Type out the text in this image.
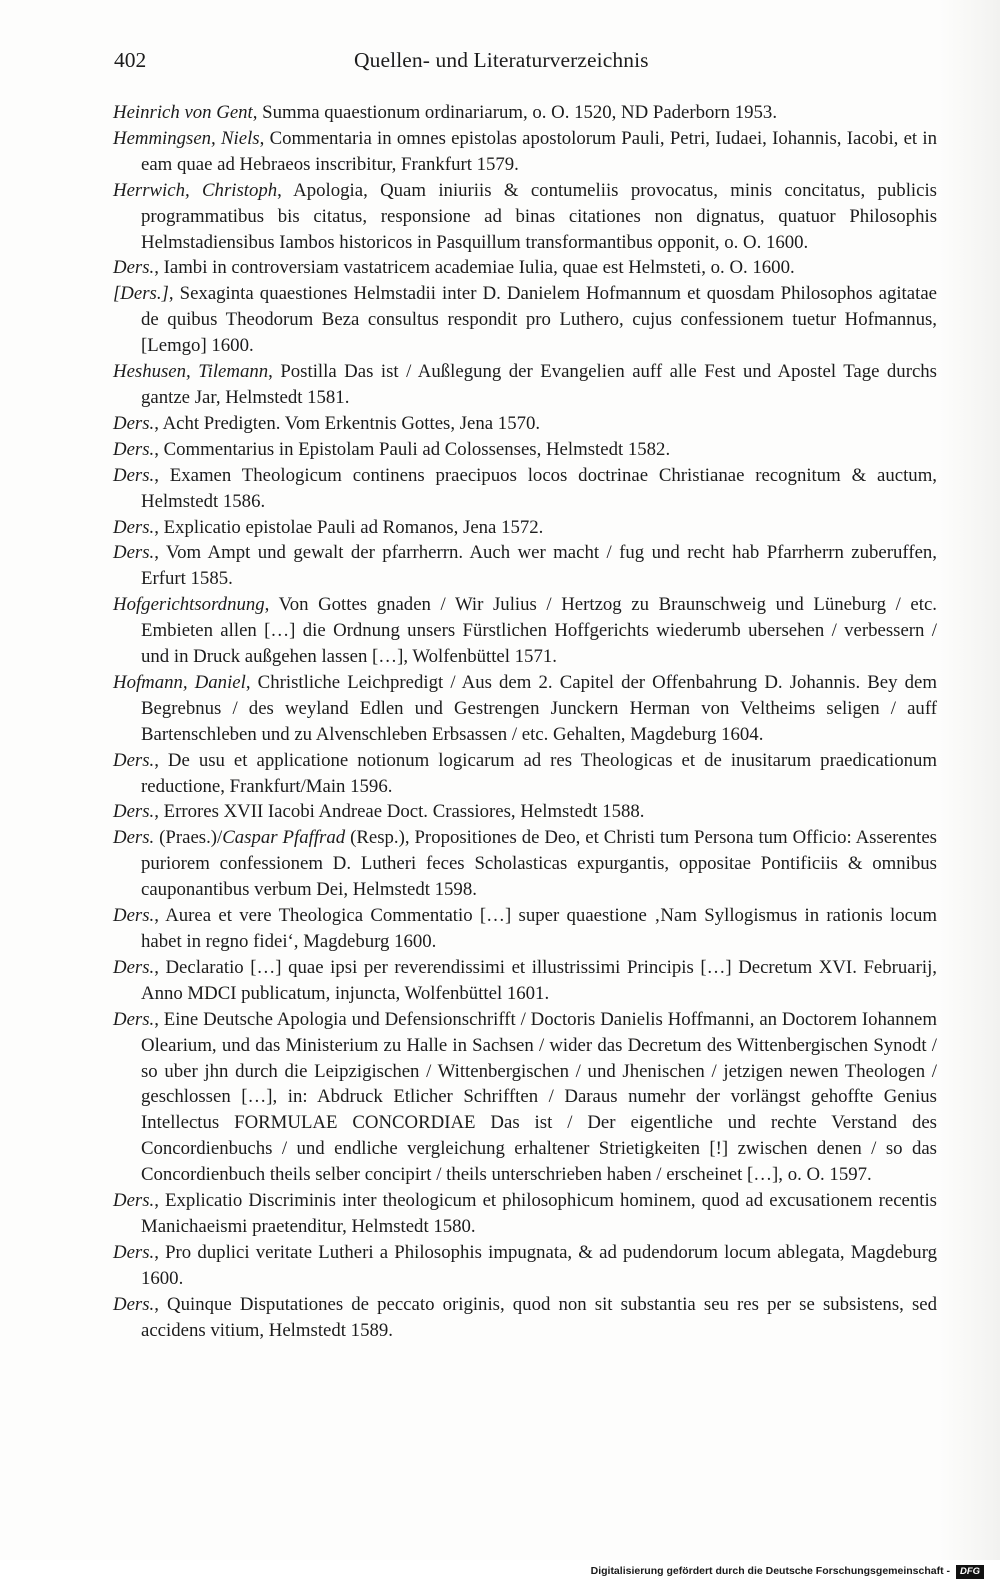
402	Quellen- und Literaturverzeichnis

Heinrich von Gent, Summa quaestionum ordinariarum, o. O. 1520, ND Paderborn 1953.

Hemmingsen, Niels, Commentaria in omnes epistolas apostolorum Pauli, Petri, Iudaei, Iohannis, Iacobi, et in eam quae ad Hebraeos inscribitur, Frankfurt 1579.

Herrwich, Christoph, Apologia, Quam iniuriis & contumeliis provocatus, minis concitatus, publicis programmatibus bis citatus, responsione ad binas citationes non dignatus, quatuor Philosophis Helmstadiensibus Iambos historicos in Pasquillum transformantibus opponit, o. O. 1600.

Ders., Iambi in controversiam vastatricem academiae Iulia, quae est Helmsteti, o. O. 1600.

[Ders.], Sexaginta quaestiones Helmstadii inter D. Danielem Hofmannum et quosdam Philosophos agitatae de quibus Theodorum Beza consultus respondit pro Luthero, cujus confessionem tuetur Hofmannus, [Lemgo] 1600.

Heshusen, Tilemann, Postilla Das ist / Außlegung der Evangelien auff alle Fest und Apostel Tage durchs gantze Jar, Helmstedt 1581.

Ders., Acht Predigten. Vom Erkentnis Gottes, Jena 1570.

Ders., Commentarius in Epistolam Pauli ad Colossenses, Helmstedt 1582.

Ders., Examen Theologicum continens praecipuos locos doctrinae Christianae recognitum & auctum, Helmstedt 1586.

Ders., Explicatio epistolae Pauli ad Romanos, Jena 1572.

Ders., Vom Ampt und gewalt der pfarrherrn. Auch wer macht / fug und recht hab Pfarrherrn zuberuffen, Erfurt 1585.

Hofgerichtsordnung, Von Gottes gnaden / Wir Julius / Hertzog zu Braunschweig und Lüneburg / etc. Embieten allen […] die Ordnung unsers Fürstlichen Hoffgerichts wiederumb ubersehen / verbessern / und in Druck außgehen lassen […], Wolfenbüttel 1571.

Hofmann, Daniel, Christliche Leichpredigt / Aus dem 2. Capitel der Offenbahrung D. Johannis. Bey dem Begrebnus / des weyland Edlen und Gestrengen Junckern Herman von Veltheims seligen / auff Bartenschleben und zu Alvenschleben Erbsassen / etc. Gehalten, Magdeburg 1604.

Ders., De usu et applicatione notionum logicarum ad res Theologicas et de inusitarum praedicationum reductione, Frankfurt/Main 1596.

Ders., Errores XVII Iacobi Andreae Doct. Crassiores, Helmstedt 1588.

Ders. (Praes.)/Caspar Pfaffrad (Resp.), Propositiones de Deo, et Christi tum Persona tum Officio: Asserentes puriorem confessionem D. Lutheri feces Scholasticas expurgantis, oppositae Pontificiis & omnibus cauponantibus verbum Dei, Helmstedt 1598.

Ders., Aurea et vere Theologica Commentatio […] super quaestione ‚Nam Syllogismus in rationis locum habet in regno fidei‘, Magdeburg 1600.

Ders., Declaratio […] quae ipsi per reverendissimi et illustrissimi Principis […] Decretum XVI. Februarij, Anno MDCI publicatum, injuncta, Wolfenbüttel 1601.

Ders., Eine Deutsche Apologia und Defensionschrifft / Doctoris Danielis Hoffmanni, an Doctorem Iohannem Olearium, und das Ministerium zu Halle in Sachsen / wider das Decretum des Wittenbergischen Synodt / so uber jhn durch die Leipzigischen / Wittenbergischen / und Jhenischen / jetzigen newen Theologen / geschlossen […], in: Abdruck Etlicher Schrifften / Daraus numehr der vorlängst gehoffte Genius Intellectus FORMULAE CONCORDIAE Das ist / Der eigentliche und rechte Verstand des Concordienbuchs / und endliche vergleichung erhaltener Strietigkeiten [!] zwischen denen / so das Concordienbuch theils selber concipirt / theils unterschrieben haben / erscheinet […], o. O. 1597.

Ders., Explicatio Discriminis inter theologicum et philosophicum hominem, quod ad excusationem recentis Manichaeismi praetenditur, Helmstedt 1580.

Ders., Pro duplici veritate Lutheri a Philosophis impugnata, & ad pudendorum locum ablegata, Magdeburg 1600.

Ders., Quinque Disputationes de peccato originis, quod non sit substantia seu res per se subsistens, sed accidens vitium, Helmstedt 1589.

Digitalisierung gefördert durch die Deutsche Forschungsgemeinschaft -	DFG
